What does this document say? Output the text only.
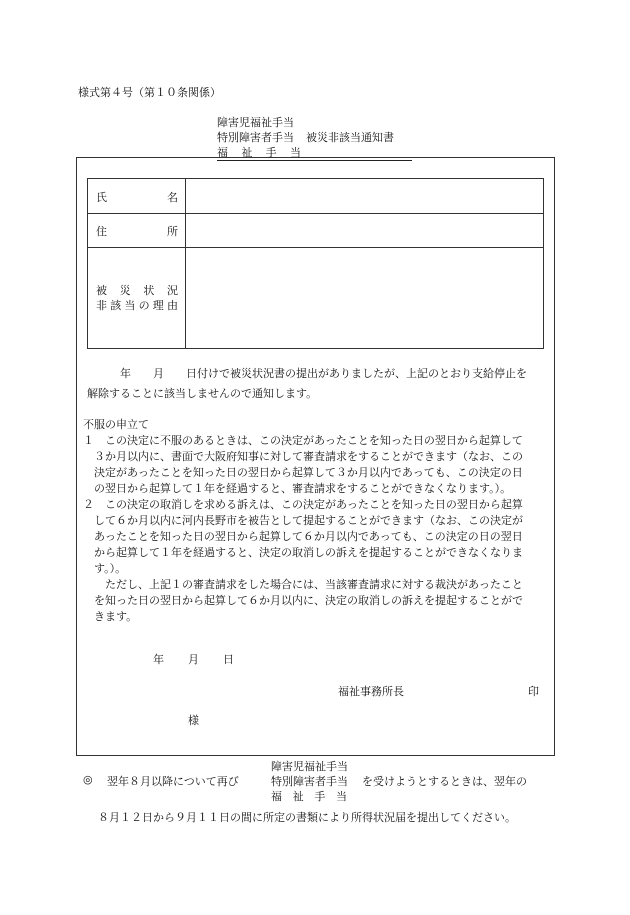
様式第４号（第１０条関係）
障害児福祉手当
特別障害者手当 被災非該当通知書
福 祉 手 当
氏	名
住	所
被 災 状 況
非 該 当 の 理 由
　　　年　　月　　日付けで被災状況書の提出がありましたが、上記のとおり支給停止を
解除することに該当しませんので通知します。
不服の申立て
１　この決定に不服のあるときは、この決定があったことを知った日の翌日から起算して
　３か月以内に、書面で大阪府知事に対して審査請求をすることができます（なお、この
　決定があったことを知った日の翌日から起算して３か月以内であっても、この決定の日
　の翌日から起算して１年を経過すると、審査請求をすることができなくなります。）。
２　この決定の取消しを求める訴えは、この決定があったことを知った日の翌日から起算
　して６か月以内に河内長野市を被告として提起することができます（なお、この決定が
　あったことを知った日の翌日から起算して６か月以内であっても、この決定の日の翌日
　から起算して１年を経過すると、決定の取消しの訴えを提起することができなくなりま
　す。）。
　　ただし、上記１の審査請求をした場合には、当該審査請求に対する裁決があったこと
　を知った日の翌日から起算して６か月以内に、決定の取消しの訴えを提起することがで
　きます。
年 月 日
福祉事務所長	印
様
障害児福祉手当
◎ 翌年８月以降について再び	特別障害者手当 を受けようとするときは、翌年の
福 祉 手 当
８月１２日から９月１１日の間に所定の書類により所得状況届を提出してください。
